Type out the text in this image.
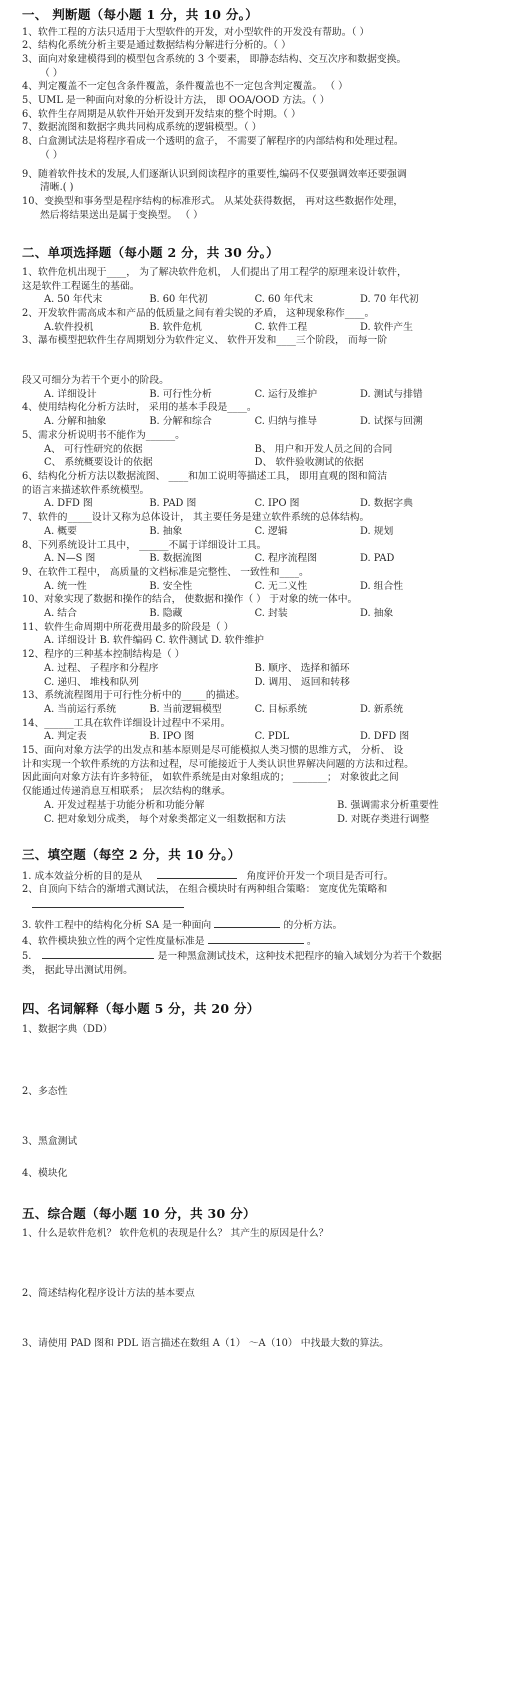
一、 判断题（每小题 1 分，共 10 分。）
1、软件工程的方法只适用于大型软件的开发，对小型软件的开发没有帮助。（ ）
2、结构化系统分析主要是通过数据结构分解进行分析的。（ ）
3、面向对象建模得到的模型包含系统的 3 个要素， 即静态结构、交互次序和数据变换。
（ ）
4、判定覆盖不一定包含条件覆盖，条件覆盖也不一定包含判定覆盖。 （ ）
5、UML 是一种面向对象的分析设计方法， 即 OOA/OOD 方法。（ ）
6、软件生存周期是从软件开始开发到开发结束的整个时期。（ ）
7、数据流图和数据字典共同构成系统的逻辑模型。（ ）
8、白盒测试法是将程序看成一个透明的盒子， 不需要了解程序的内部结构和处理过程。
（ ）
9、随着软件技术的发展,人们逐渐认识到阅读程序的重要性,编码不仅要强调效率还要强调
清晰.( )
10、变换型和事务型是程序结构的标准形式。 从某处获得数据， 再对这些数据作处理，
然后将结果送出是属于变换型。 （ ）
二、单项选择题（每小题 2 分，共 30 分。）
1、软件危机出现于____， 为了解决软件危机， 人们提出了用工程学的原理来设计软件，
这是软件工程诞生的基础。
A. 50 年代末	B. 60 年代初	C. 60 年代末	D. 70 年代初
2、开发软件需高成本和产品的低质量之间有着尖锐的矛盾， 这种现象称作____。
A.软件投机	B. 软件危机	C. 软件工程	D. 软件产生
3、瀑布模型把软件生存周期划分为软件定义、 软件开发和____三个阶段， 而每一阶
段又可细分为若干个更小的阶段。
A. 详细设计	B. 可行性分析	C. 运行及维护	D. 测试与排错
4、使用结构化分析方法时， 采用的基本手段是____。
A. 分解和抽象	B. 分解和综合	C. 归纳与推导	D. 试探与回溯
5、需求分析说明书不能作为______。
A、 可行性研究的依据	B、 用户和开发人员之间的合同
C、 系统概要设计的依据	D、 软件验收测试的依据
6、结构化分析方法以数据流图、 ____和加工说明等描述工具， 即用直观的图和简洁
的语言来描述软件系统模型。
A. DFD 图	B. PAD 图	C. IPO 图	D. 数据字典
7、软件的_____设计又称为总体设计， 其主要任务是建立软件系统的总体结构。
A. 概要	B. 抽象	C. 逻辑	D. 规划
8、下列系统设计工具中， ______不属于详细设计工具。
A. N—S 图	B. 数据流图	C. 程序流程图	D. PAD
9、在软件工程中， 高质量的文档标准是完整性、 一致性和____。
A. 统一性	B. 安全性	C. 无二义性	D. 组合性
10、对象实现了数据和操作的结合， 使数据和操作（ ） 于对象的统一体中。
A. 结合	B. 隐藏	C. 封装	D. 抽象
11、软件生命周期中所花费用最多的阶段是（ ）
A. 详细设计 B. 软件编码 C. 软件测试 D. 软件维护
12、程序的三种基本控制结构是（ ）
A. 过程、 子程序和分程序	B. 顺序、 选择和循环
C. 递归、 堆栈和队列	D. 调用、 返回和转移
13、系统流程图用于可行性分析中的_____的描述。
A. 当前运行系统	B. 当前逻辑模型	C. 目标系统	D. 新系统
14、______工具在软件详细设计过程中不采用。
A. 判定表	B. IPO 图	C. PDL	D. DFD 图
15、面向对象方法学的出发点和基本原则是尽可能模拟人类习惯的思维方式， 分析、 设
计和实现一个软件系统的方法和过程，尽可能接近于人类认识世界解决问题的方法和过程。
因此面向对象方法有许多特征， 如软件系统是由对象组成的； _______； 对象彼此之间
仅能通过传递消息互相联系； 层次结构的继承。
A. 开发过程基于功能分析和功能分解	B. 强调需求分析重要性
C. 把对象划分成类， 每个对象类都定义一组数据和方法	D. 对既存类进行调整
三、填空题（每空 2 分，共 10 分。）
1. 成本效益分析的目的是从	角度评价开发一个项目是否可行。
2、自顶向下结合的渐增式测试法， 在组合模块时有两种组合策略： 宽度优先策略和
3. 软件工程中的结构化分析 SA 是一种面向	的分析方法。
4、软件模块独立性的两个定性度量标准是	。
5.	是一种黑盒测试技术，这种技术把程序的输入域划分为若干个数据
类， 据此导出测试用例。
四、名词解释（每小题 5 分，共 20 分）
1、数据字典（DD）
2、多态性
3、黑盒测试
4、模块化
五、综合题（每小题 10 分，共 30 分）
1、什么是软件危机？ 软件危机的表现是什么？ 其产生的原因是什么？
2、简述结构化程序设计方法的基本要点
3、请使用 PAD 图和 PDL 语言描述在数组 A（1） ～A（10） 中找最大数的算法。
